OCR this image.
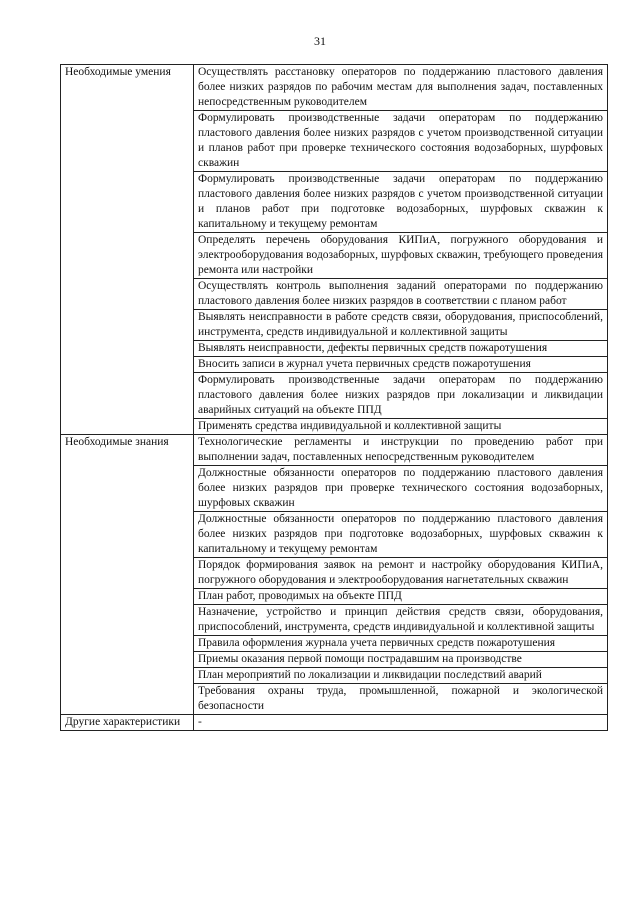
31
Необходимые умения	Осуществлять расстановку операторов по поддержанию пластового давления более низких разрядов по рабочим местам для выполнения задач, поставленных непосредственным руководителем
	Формулировать производственные задачи операторам по поддержанию пластового давления более низких разрядов с учетом производственной ситуации и планов работ при проверке технического состояния водозаборных, шурфовых скважин
	Формулировать производственные задачи операторам по поддержанию пластового давления более низких разрядов с учетом производственной ситуации и планов работ при подготовке водозаборных, шурфовых скважин к капитальному и текущему ремонтам
	Определять перечень оборудования КИПиА, погружного оборудования и электрооборудования водозаборных, шурфовых скважин, требующего проведения ремонта или настройки
	Осуществлять контроль выполнения заданий операторами по поддержанию пластового давления более низких разрядов в соответствии с планом работ
	Выявлять неисправности в работе средств связи, оборудования, приспособлений, инструмента, средств индивидуальной и коллективной защиты
	Выявлять неисправности, дефекты первичных средств пожаротушения
	Вносить записи в журнал учета первичных средств пожаротушения
	Формулировать производственные задачи операторам по поддержанию пластового давления более низких разрядов при локализации и ликвидации аварийных ситуаций на объекте ППД
	Применять средства индивидуальной и коллективной защиты
Необходимые знания	Технологические регламенты и инструкции по проведению работ при выполнении задач, поставленных непосредственным руководителем
	Должностные обязанности операторов по поддержанию пластового давления более низких разрядов при проверке технического состояния водозаборных, шурфовых скважин
	Должностные обязанности операторов по поддержанию пластового давления более низких разрядов при подготовке водозаборных, шурфовых скважин к капитальному и текущему ремонтам
	Порядок формирования заявок на ремонт и настройку оборудования КИПиА, погружного оборудования и электрооборудования нагнетательных скважин
	План работ, проводимых на объекте ППД
	Назначение, устройство и принцип действия средств связи, оборудования, приспособлений, инструмента, средств индивидуальной и коллективной защиты
	Правила оформления журнала учета первичных средств пожаротушения
	Приемы оказания первой помощи пострадавшим на производстве
	План мероприятий по локализации и ликвидации последствий аварий
	Требования охраны труда, промышленной, пожарной и экологической безопасности
Другие характеристики	-
